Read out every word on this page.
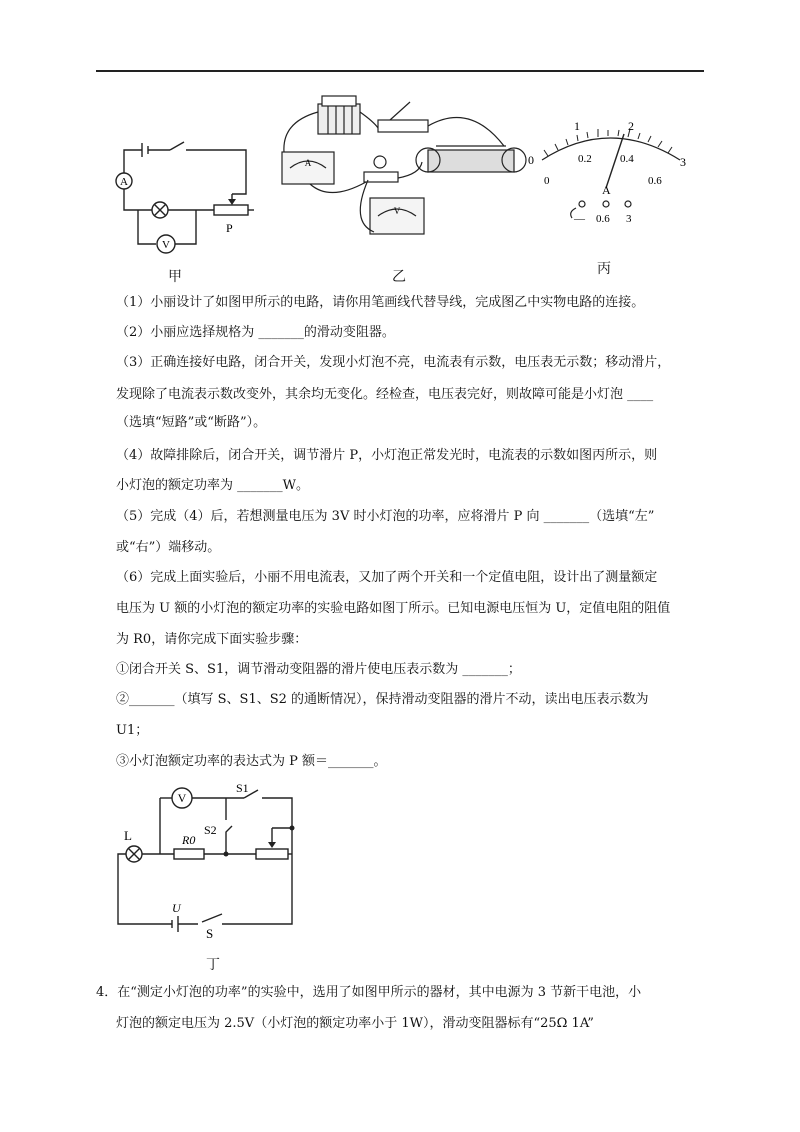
A
V
P
甲
A
V
乙
1	2
0	3
0
0.2	0.4
0.6
A
— 0.6 3
丙
（1）小丽设计了如图甲所示的电路，请你用笔画线代替导线，完成图乙中实物电路的连接。
（2）小丽应选择规格为 _______的滑动变阻器。
（3）正确连接好电路，闭合开关，发现小灯泡不亮，电流表有示数，电压表无示数；移动滑片，
发现除了电流表示数改变外，其余均无变化。经检查，电压表完好，则故障可能是小灯泡 ____
（选填“短路”或“断路”）。
（4）故障排除后，闭合开关，调节滑片 P，小灯泡正常发光时，电流表的示数如图丙所示，则
小灯泡的额定功率为 _______W。
（5）完成（4）后，若想测量电压为 3V 时小灯泡的功率，应将滑片 P 向 _______（选填“左”
或“右”）端移动。
（6）完成上面实验后，小丽不用电流表，又加了两个开关和一个定值电阻，设计出了测量额定
电压为 U 额的小灯泡的额定功率的实验电路如图丁所示。已知电源电压恒为 U，定值电阻的阻值
为 R0，请你完成下面实验步骤：
①闭合开关 S、S1，调节滑动变阻器的滑片使电压表示数为 _______；
②_______（填写 S、S1、S2 的通断情况），保持滑动变阻器的滑片不动，读出电压表示数为
U1；
③小灯泡额定功率的表达式为 P 额＝_______。
V
L	R0
S1
S2
U
S
丁
4．在“测定小灯泡的功率”的实验中，选用了如图甲所示的器材，其中电源为 3 节新干电池，小
灯泡的额定电压为 2.5V（小灯泡的额定功率小于 1W），滑动变阻器标有“25Ω 1A”
